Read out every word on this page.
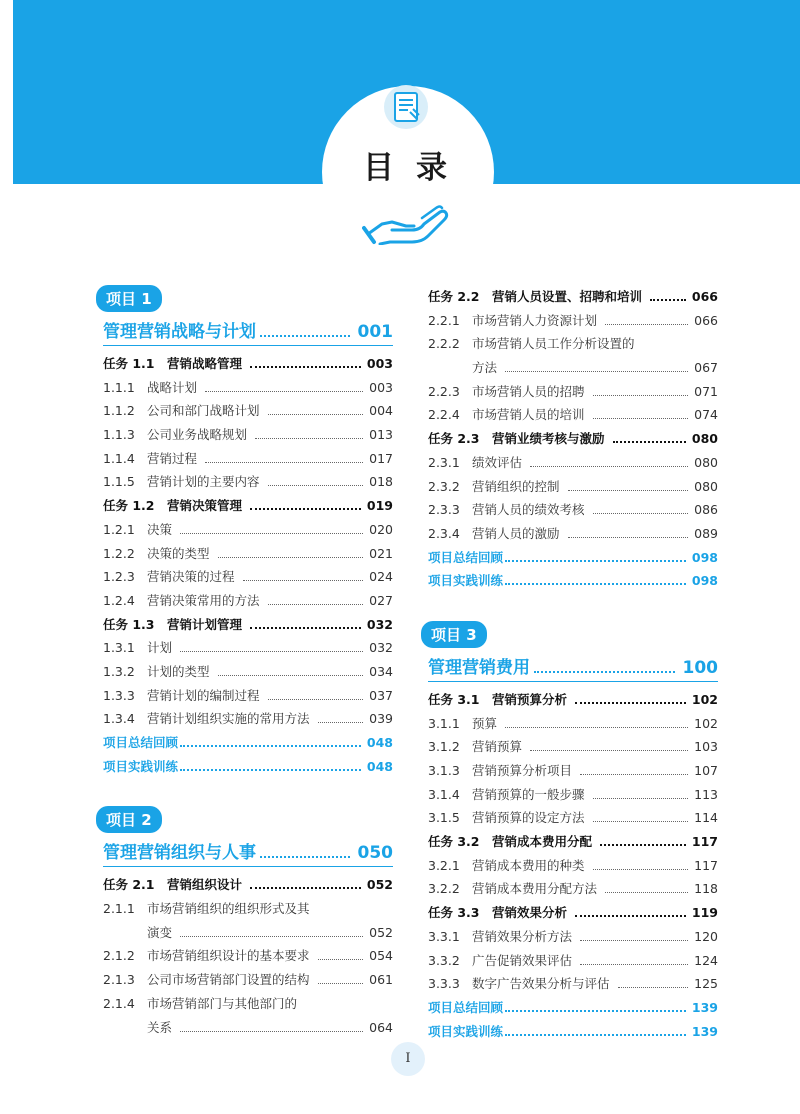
目录
项目 1
管理营销战略与计划	001
任务 1.1	营销战略管理	003
1.1.1 战略计划	003
1.1.2 公司和部门战略计划	004
1.1.3 公司业务战略规划	013
1.1.4 营销过程	017
1.1.5 营销计划的主要内容	018
任务 1.2	营销决策管理	019
1.2.1 决策	020
1.2.2 决策的类型	021
1.2.3 营销决策的过程	024
1.2.4 营销决策常用的方法	027
任务 1.3	营销计划管理	032
1.3.1 计划	032
1.3.2 计划的类型	034
1.3.3 营销计划的编制过程	037
1.3.4 营销计划组织实施的常用方法	039
项目总结回顾	048
项目实践训练	048
项目 2
管理营销组织与人事	050
任务 2.1	营销组织设计	052
2.1.1 市场营销组织的组织形式及其
演变	052
2.1.2 市场营销组织设计的基本要求	054
2.1.3 公司市场营销部门设置的结构	061
2.1.4 市场营销部门与其他部门的
关系	064
任务 2.2	营销人员设置、招聘和培训	066
2.2.1 市场营销人力资源计划	066
2.2.2 市场营销人员工作分析设置的
方法	067
2.2.3 市场营销人员的招聘	071
2.2.4 市场营销人员的培训	074
任务 2.3	营销业绩考核与激励	080
2.3.1 绩效评估	080
2.3.2 营销组织的控制	080
2.3.3 营销人员的绩效考核	086
2.3.4 营销人员的激励	089
项目总结回顾	098
项目实践训练	098
项目 3
管理营销费用	100
任务 3.1	营销预算分析	102
3.1.1 预算	102
3.1.2 营销预算	103
3.1.3 营销预算分析项目	107
3.1.4 营销预算的一般步骤	113
3.1.5 营销预算的设定方法	114
任务 3.2	营销成本费用分配	117
3.2.1 营销成本费用的种类	117
3.2.2 营销成本费用分配方法	118
任务 3.3	营销效果分析	119
3.3.1 营销效果分析方法	120
3.3.2 广告促销效果评估	124
3.3.3 数字广告效果分析与评估	125
项目总结回顾	139
项目实践训练	139
I
